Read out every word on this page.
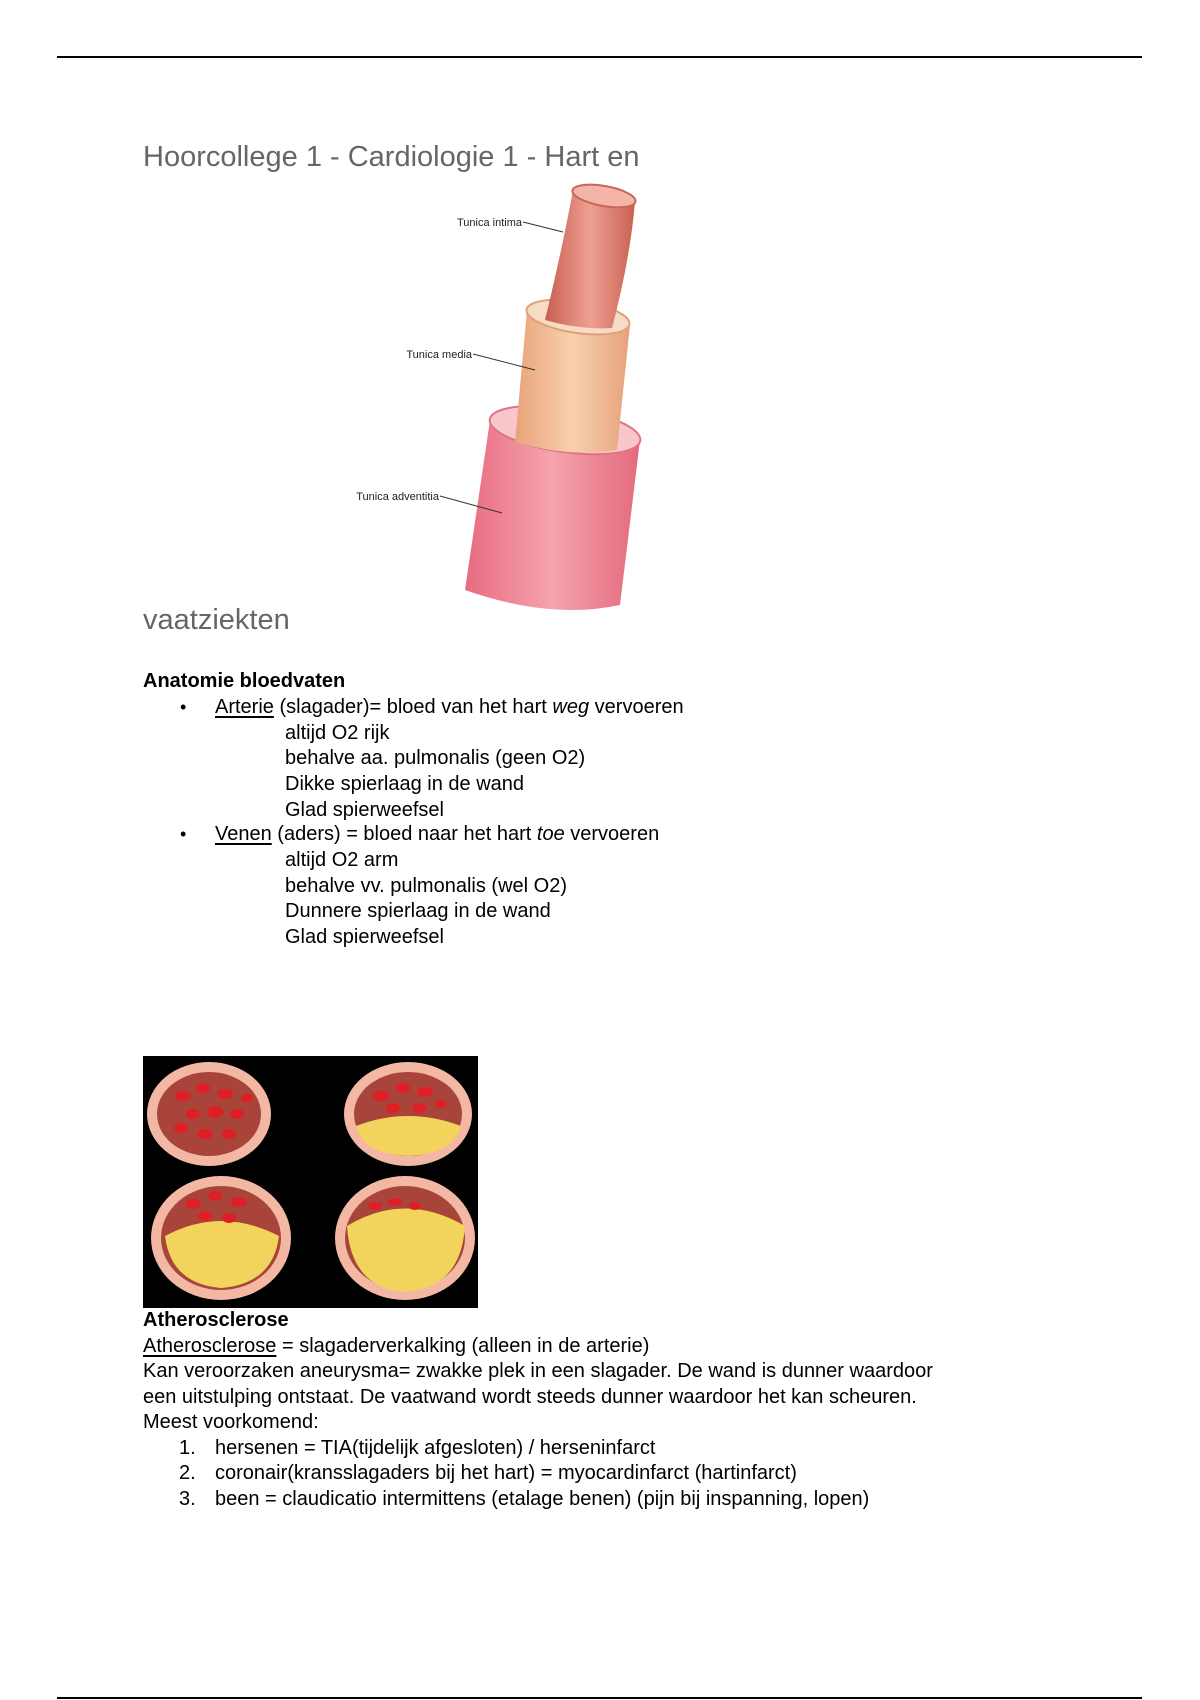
Hoorcollege 1 - Cardiologie 1 - Hart en
Tunica intima
Tunica media
Tunica adventitia
vaatziekten
Anatomie bloedvaten
• Arterie (slagader)= bloed van het hart weg vervoeren
altijd O2 rijk
behalve aa. pulmonalis (geen O2)
Dikke spierlaag in de wand
Glad spierweefsel
• Venen (aders) = bloed naar het hart toe vervoeren
altijd O2 arm
behalve vv. pulmonalis (wel O2)
Dunnere spierlaag in de wand
Glad spierweefsel
Atherosclerose
Atherosclerose = slagaderverkalking (alleen in de arterie)
Kan veroorzaken aneurysma= zwakke plek in een slagader. De wand is dunner waardoor
een uitstulping ontstaat. De vaatwand wordt steeds dunner waardoor het kan scheuren.
Meest voorkomend:
1. hersenen = TIA(tijdelijk afgesloten) / herseninfarct
2. coronair(kransslagaders bij het hart) = myocardinfarct (hartinfarct)
3. been = claudicatio intermittens (etalage benen) (pijn bij inspanning, lopen)
